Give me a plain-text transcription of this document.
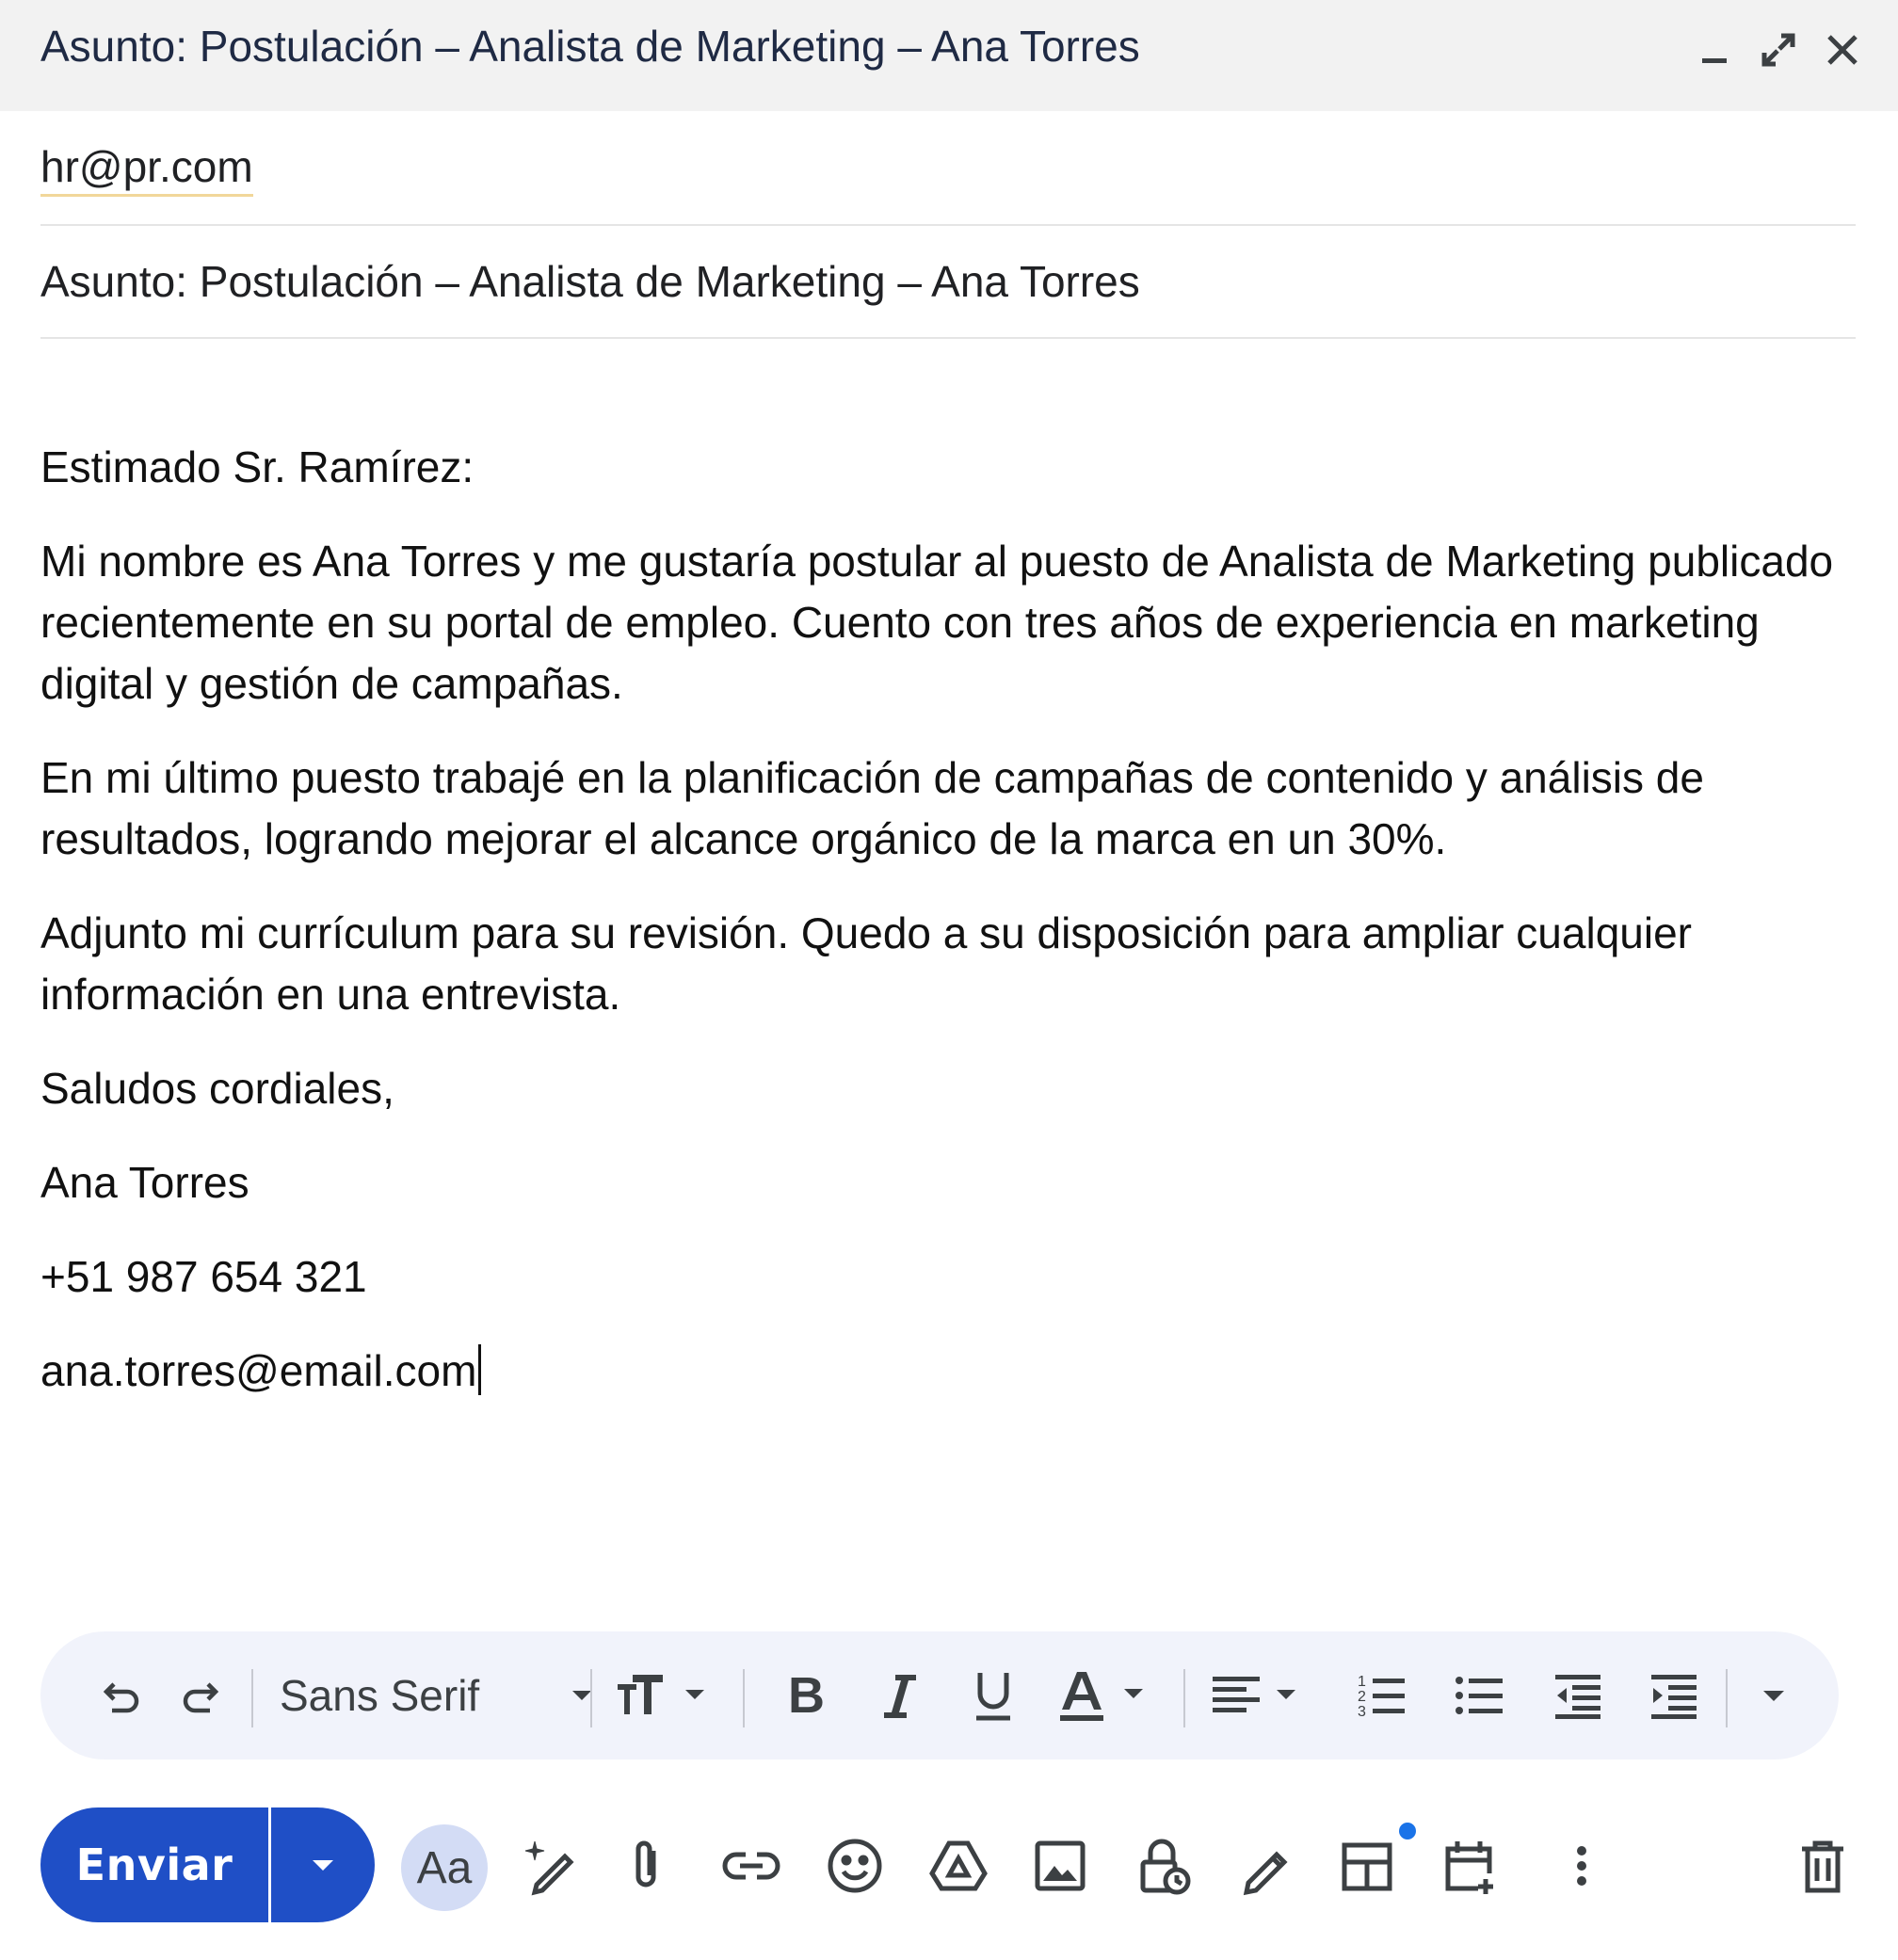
Asunto: Postulación – Analista de Marketing – Ana Torres
hr@pr.com
Asunto: Postulación – Analista de Marketing – Ana Torres

Estimado Sr. Ramírez:

Mi nombre es Ana Torres y me gustaría postular al puesto de Analista de Marketing publicado recientemente en su portal de empleo. Cuento con tres años de experiencia en marketing digital y gestión de campañas.

En mi último puesto trabajé en la planificación de campañas de contenido y análisis de resultados, logrando mejorar el alcance orgánico de la marca en un 30%.

Adjunto mi currículum para su revisión. Quedo a su disposición para ampliar cualquier información en una entrevista.

Saludos cordiales,

Ana Torres

+51 987 654 321

ana.torres@email.com

Sans Serif	B	1
2
3
Enviar	Aa
